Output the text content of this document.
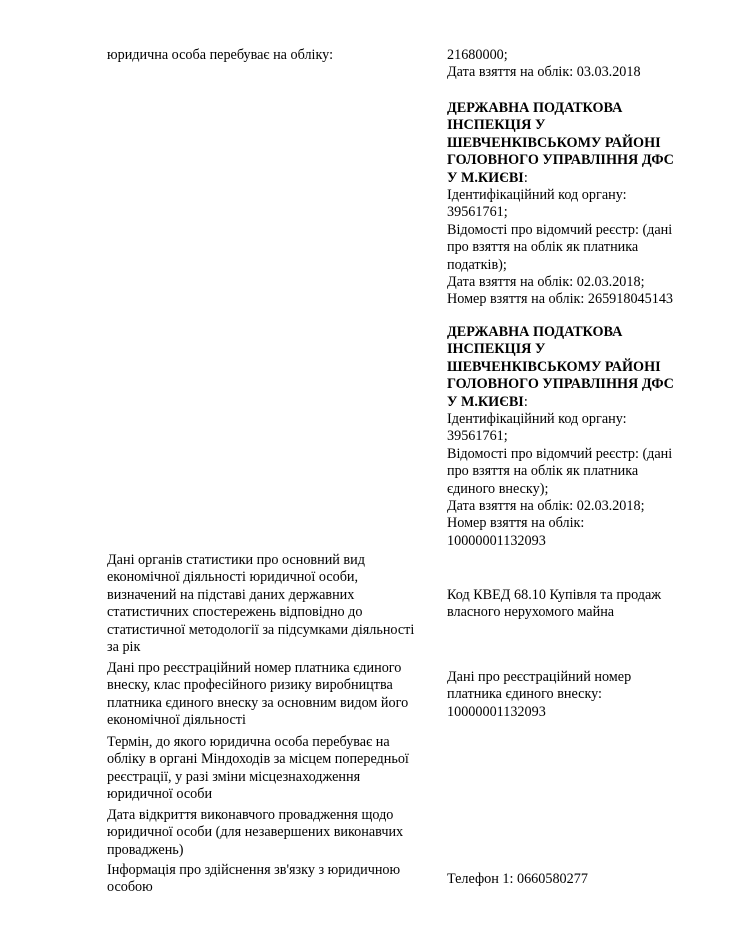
юридична особа перебуває на обліку:	21680000;
Дата взяття на облік: 03.03.2018
ДЕРЖАВНА ПОДАТКОВА
ІНСПЕКЦІЯ У
ШЕВЧЕНКІВСЬКОМУ РАЙОНІ
ГОЛОВНОГО УПРАВЛІННЯ ДФС
У М.КИЄВІ:
Ідентифікаційний код органу:
39561761;
Відомості про відомчий реєстр: (дані
про взяття на облік як платника
податків);
Дата взяття на облік: 02.03.2018;
Номер взяття на облік: 265918045143
ДЕРЖАВНА ПОДАТКОВА
ІНСПЕКЦІЯ У
ШЕВЧЕНКІВСЬКОМУ РАЙОНІ
ГОЛОВНОГО УПРАВЛІННЯ ДФС
У М.КИЄВІ:
Ідентифікаційний код органу:
39561761;
Відомості про відомчий реєстр: (дані
про взяття на облік як платника
єдиного внеску);
Дата взяття на облік: 02.03.2018;
Номер взяття на облік:
10000001132093
Дані органів статистики про основний вид
економічної діяльності юридичної особи,
визначений на підставі даних державних
статистичних спостережень відповідно до
статистичної методології за підсумками діяльності
за рік
Код КВЕД 68.10 Купівля та продаж
власного нерухомого майна
Дані про реєстраційний номер платника єдиного
внеску, клас професійного ризику виробництва
платника єдиного внеску за основним видом його
економічної діяльності
Дані про реєстраційний номер
платника єдиного внеску:
10000001132093
Термін, до якого юридична особа перебуває на
обліку в органі Міндоходів за місцем попередньої
реєстрації, у разі зміни місцезнаходження
юридичної особи
Дата відкриття виконавчого провадження щодо
юридичної особи (для незавершених виконавчих
проваджень)
Інформація про здійснення зв'язку з юридичною
особою
Телефон 1: 0660580277
